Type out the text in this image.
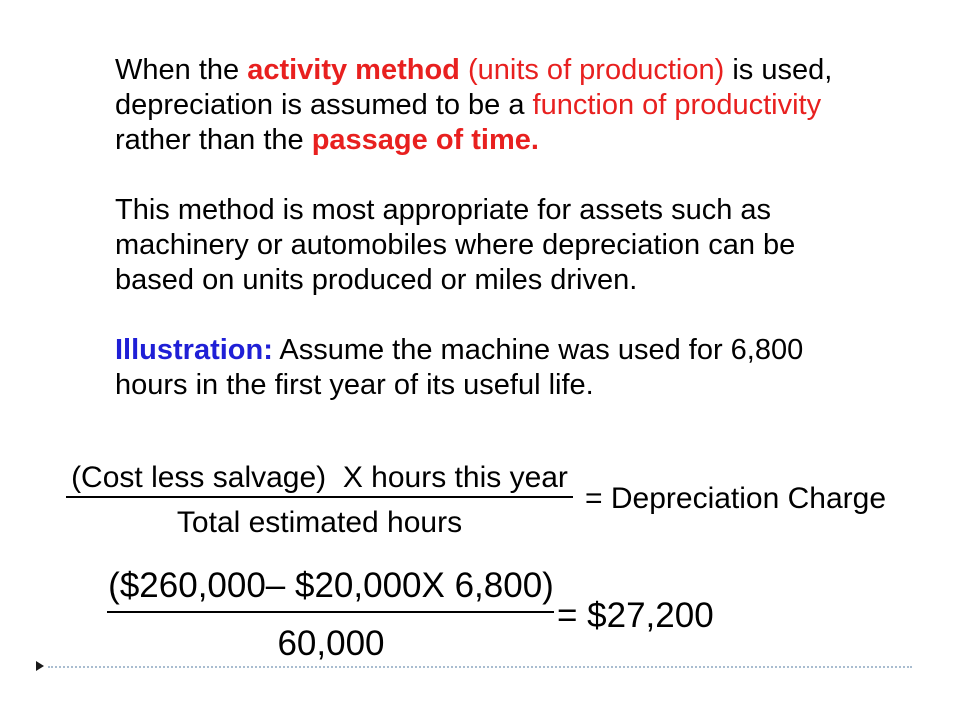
When the activity method (units of production) is used,
depreciation is assumed to be a function of productivity
rather than the passage of time.
This method is most appropriate for assets such as
machinery or automobiles where depreciation can be
based on units produced or miles driven.
Illustration: Assume the machine was used for 6,800
hours in the first year of its useful life.
(Cost less salvage)  X hours this year
Total estimated hours
= Depreciation Charge
($260,000– $20,000X 6,800)
60,000
= $27,200
